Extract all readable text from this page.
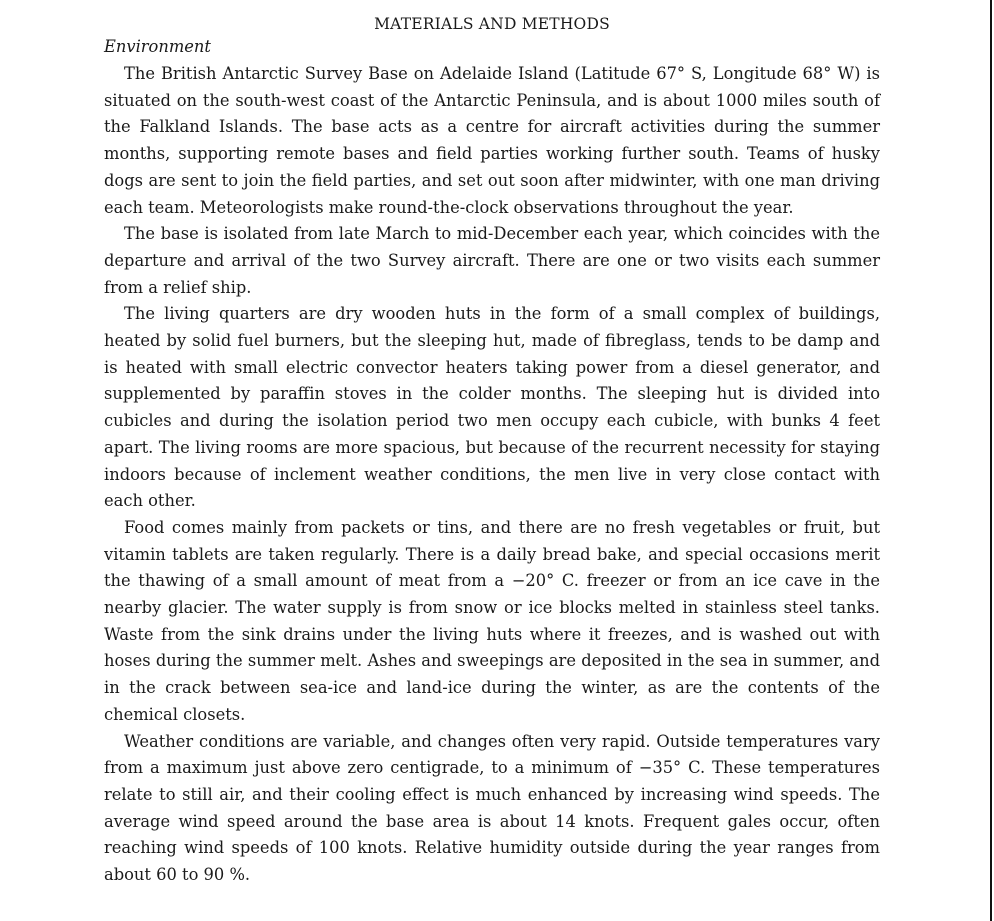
MATERIALS AND METHODS
Environment

The British Antarctic Survey Base on Adelaide Island (Latitude 67° S, Longitude 68° W) is situated on the south-west coast of the Antarctic Peninsula, and is about 1000 miles south of the Falkland Islands. The base acts as a centre for aircraft activities during the summer months, supporting remote bases and field parties working further south. Teams of husky dogs are sent to join the field parties, and set out soon after midwinter, with one man driving each team. Meteorologists make round-the-clock observations throughout the year.

The base is isolated from late March to mid-December each year, which coincides with the departure and arrival of the two Survey aircraft. There are one or two visits each summer from a relief ship.

The living quarters are dry wooden huts in the form of a small complex of buildings, heated by solid fuel burners, but the sleeping hut, made of fibreglass, tends to be damp and is heated with small electric convector heaters taking power from a diesel generator, and supplemented by paraffin stoves in the colder months. The sleeping hut is divided into cubicles and during the isolation period two men occupy each cubicle, with bunks 4 feet apart. The living rooms are more spacious, but because of the recurrent necessity for staying indoors because of inclement weather conditions, the men live in very close contact with each other.

Food comes mainly from packets or tins, and there are no fresh vegetables or fruit, but vitamin tablets are taken regularly. There is a daily bread bake, and special occasions merit the thawing of a small amount of meat from a −20° C. freezer or from an ice cave in the nearby glacier. The water supply is from snow or ice blocks melted in stainless steel tanks. Waste from the sink drains under the living huts where it freezes, and is washed out with hoses during the summer melt. Ashes and sweepings are deposited in the sea in summer, and in the crack between sea-ice and land-ice during the winter, as are the contents of the chemical closets.

Weather conditions are variable, and changes often very rapid. Outside temperatures vary from a maximum just above zero centigrade, to a minimum of −35° C. These temperatures relate to still air, and their cooling effect is much enhanced by increasing wind speeds. The average wind speed around the base area is about 14 knots. Frequent gales occur, often reaching wind speeds of 100 knots. Relative humidity outside during the year ranges from about 60 to 90 %.
